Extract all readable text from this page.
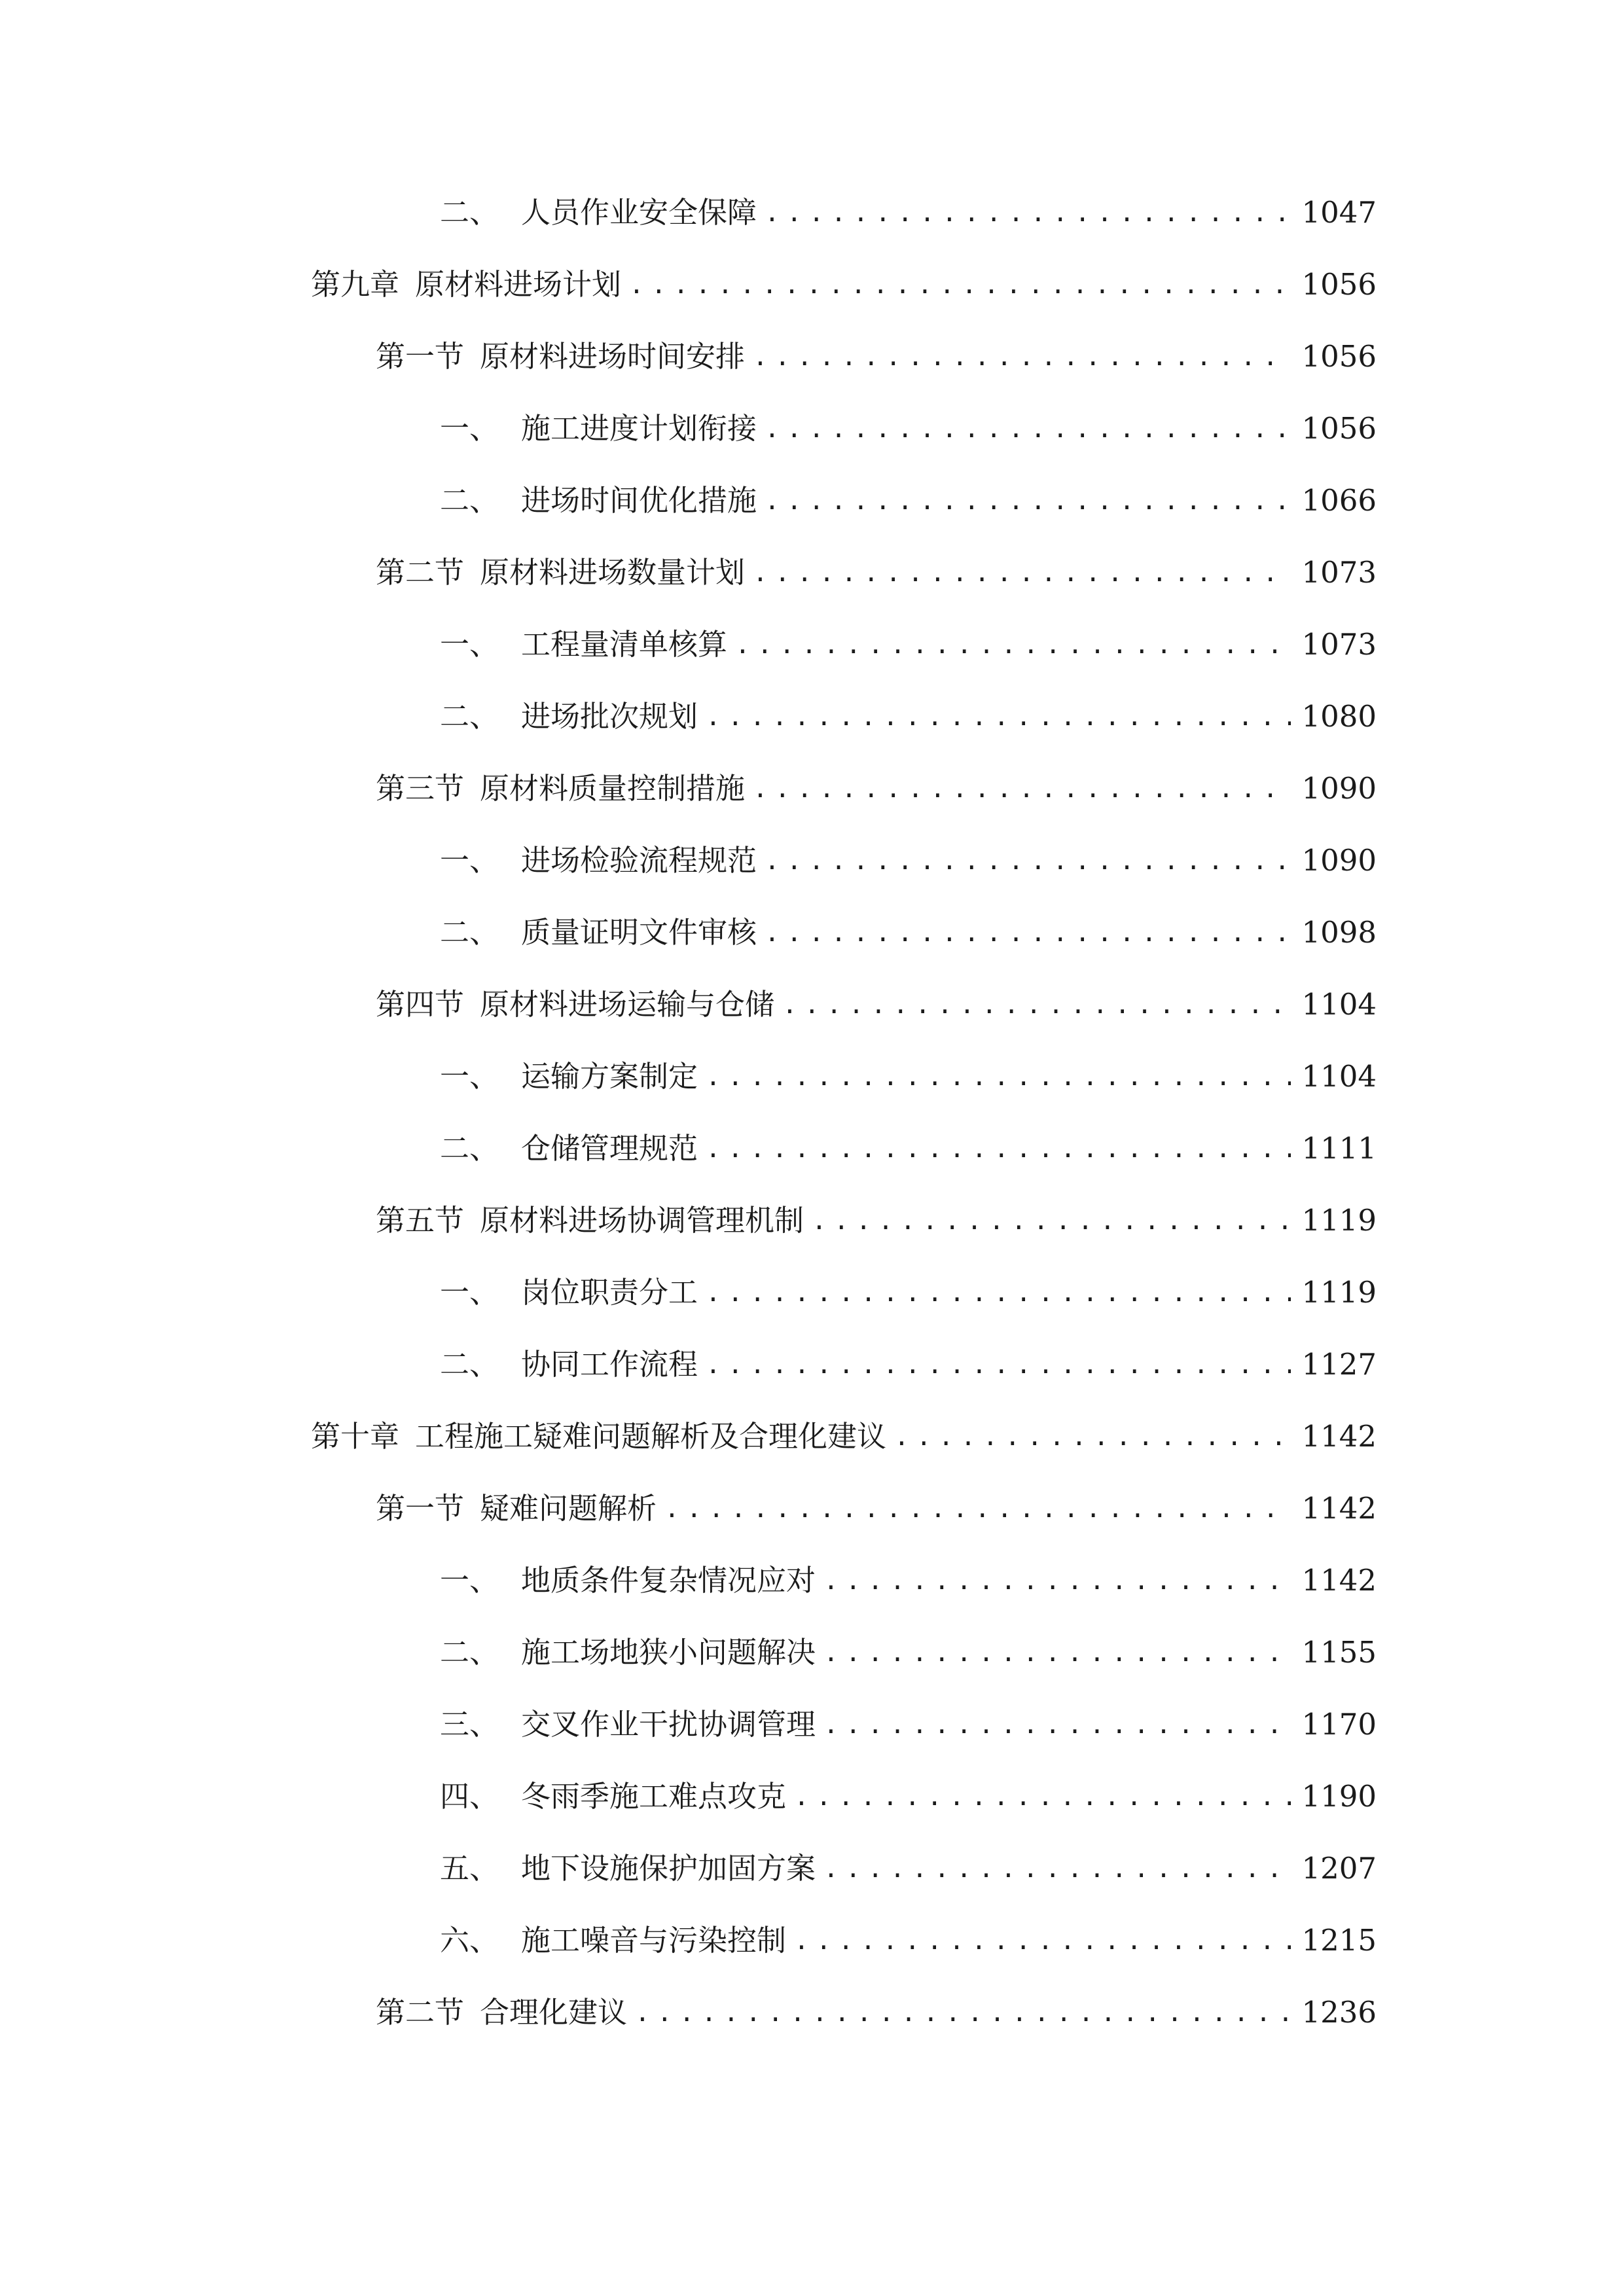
二、 人员作业安全保障 .....	1047
第九章 原材料进场计划 .....	1056
第一节 原材料进场时间安排 .....	1056
一、 施工进度计划衔接 .....	1056
二、 进场时间优化措施 .....	1066
第二节 原材料进场数量计划 .....	1073
一、 工程量清单核算 .....	1073
二、 进场批次规划 .....	1080
第三节 原材料质量控制措施 .....	1090
一、 进场检验流程规范 .....	1090
二、 质量证明文件审核 .....	1098
第四节 原材料进场运输与仓储 .....	1104
一、 运输方案制定 .....	1104
二、 仓储管理规范 .....	1111
第五节 原材料进场协调管理机制 .....	1119
一、 岗位职责分工 .....	1119
二、 协同工作流程 .....	1127
第十章 工程施工疑难问题解析及合理化建议 .....	1142
第一节 疑难问题解析 .....	1142
一、 地质条件复杂情况应对 .....	1142
二、 施工场地狭小问题解决 .....	1155
三、 交叉作业干扰协调管理 .....	1170
四、 冬雨季施工难点攻克 .....	1190
五、 地下设施保护加固方案 .....	1207
六、 施工噪音与污染控制 .....	1215
第二节 合理化建议 .....	1236
